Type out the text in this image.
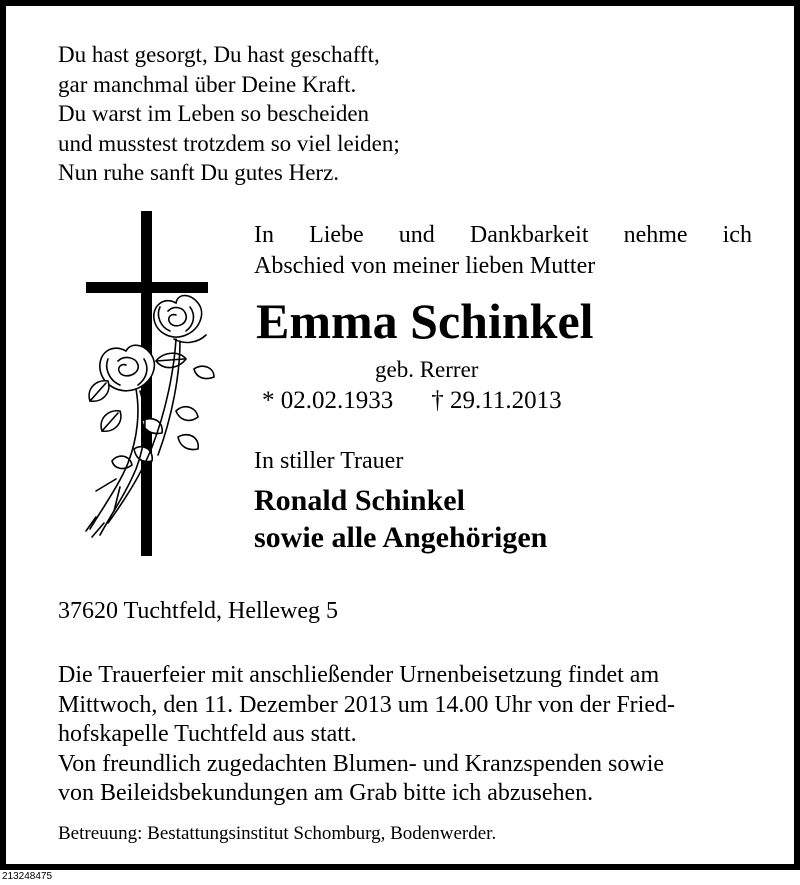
Du hast gesorgt, Du hast geschafft,
gar manchmal über Deine Kraft.
Du warst im Leben so bescheiden
und musstest trotzdem so viel leiden;
Nun ruhe sanft Du gutes Herz.
In Liebe und Dankbarkeit nehme ich
Abschied von meiner lieben Mutter
Emma Schinkel
geb. Rerrer
* 02.02.1933 † 29.11.2013
In stiller Trauer
Ronald Schinkel
sowie alle Angehörigen
37620 Tuchtfeld, Helleweg 5
Die Trauerfeier mit anschließender Urnenbeisetzung findet am
Mittwoch, den 11. Dezember 2013 um 14.00 Uhr von der Fried-
hofskapelle Tuchtfeld aus statt.
Von freundlich zugedachten Blumen- und Kranzspenden sowie
von Beileidsbekundungen am Grab bitte ich abzusehen.
Betreuung: Bestattungsinstitut Schomburg, Bodenwerder.
213248475
